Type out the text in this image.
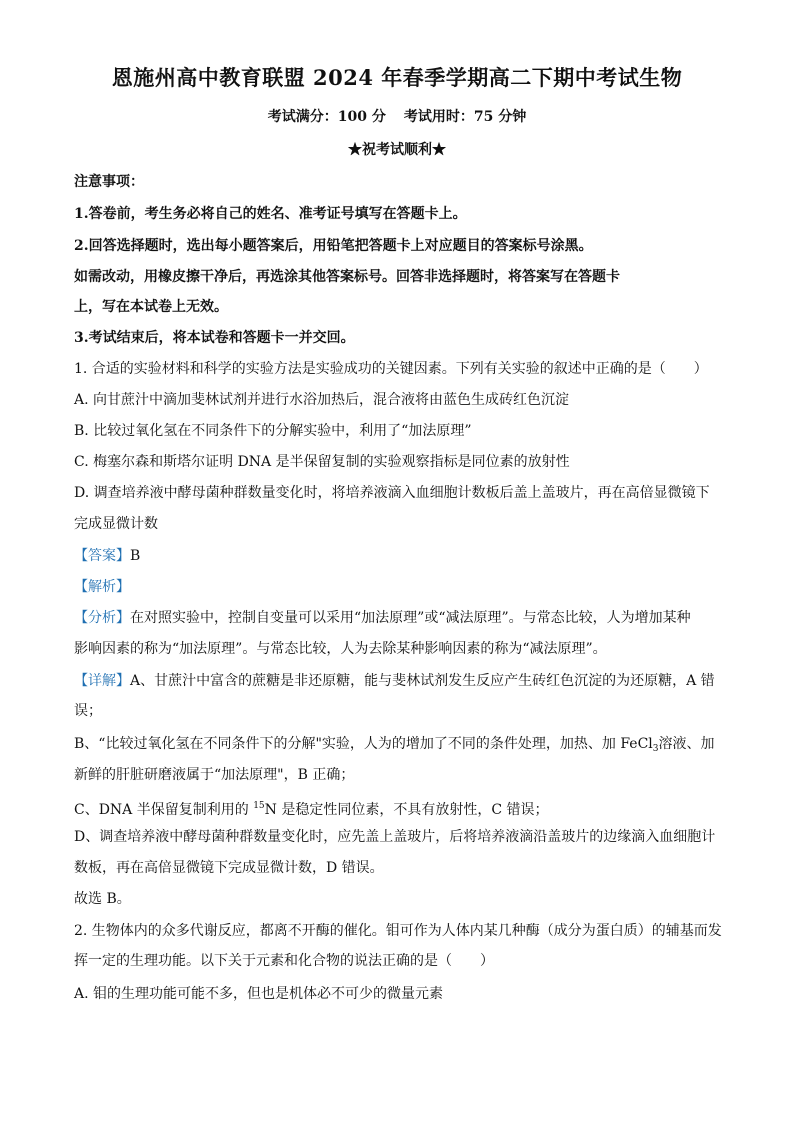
恩施州高中教育联盟 2024 年春季学期高二下期中考试生物
考试满分：100 分 考试用时：75 分钟
★祝考试顺利★
注意事项：
1.答卷前，考生务必将自己的姓名、准考证号填写在答题卡上。
2.回答选择题时，选出每小题答案后，用铅笔把答题卡上对应题目的答案标号涂黑。
如需改动，用橡皮擦干净后，再选涂其他答案标号。回答非选择题时，将答案写在答题卡
上，写在本试卷上无效。
3.考试结束后，将本试卷和答题卡一并交回。
1. 合适的实验材料和科学的实验方法是实验成功的关键因素。下列有关实验的叙述中正确的是（　　）
A. 向甘蔗汁中滴加斐林试剂并进行水浴加热后，混合液将由蓝色生成砖红色沉淀
B. 比较过氧化氢在不同条件下的分解实验中，利用了“加法原理”
C. 梅塞尔森和斯塔尔证明 DNA 是半保留复制的实验观察指标是同位素的放射性
D. 调查培养液中酵母菌种群数量变化时，将培养液滴入血细胞计数板后盖上盖玻片，再在高倍显微镜下
完成显微计数
【答案】B
【解析】
【分析】在对照实验中，控制自变量可以采用“加法原理”或“减法原理”。与常态比较，人为增加某种
影响因素的称为“加法原理”。与常态比较，人为去除某种影响因素的称为“减法原理”。
【详解】A、甘蔗汁中富含的蔗糖是非还原糖，能与斐林试剂发生反应产生砖红色沉淀的为还原糖，A 错
误；
B、“比较过氧化氢在不同条件下的分解"实验，人为的增加了不同的条件处理，加热、加 FeCl$_3$溶液、加
新鲜的肝脏研磨液属于“加法原理"，B 正确；
C、DNA 半保留复制利用的 $^{15}$N 是稳定性同位素，不具有放射性，C 错误；
D、调查培养液中酵母菌种群数量变化时，应先盖上盖玻片，后将培养液滴沿盖玻片的边缘滴入血细胞计
数板，再在高倍显微镜下完成显微计数，D 错误。
故选 B。
2. 生物体内的众多代谢反应，都离不开酶的催化。钼可作为人体内某几种酶（成分为蛋白质）的辅基而发
挥一定的生理功能。以下关于元素和化合物的说法正确的是（　　）
A. 钼的生理功能可能不多，但也是机体必不可少的微量元素
